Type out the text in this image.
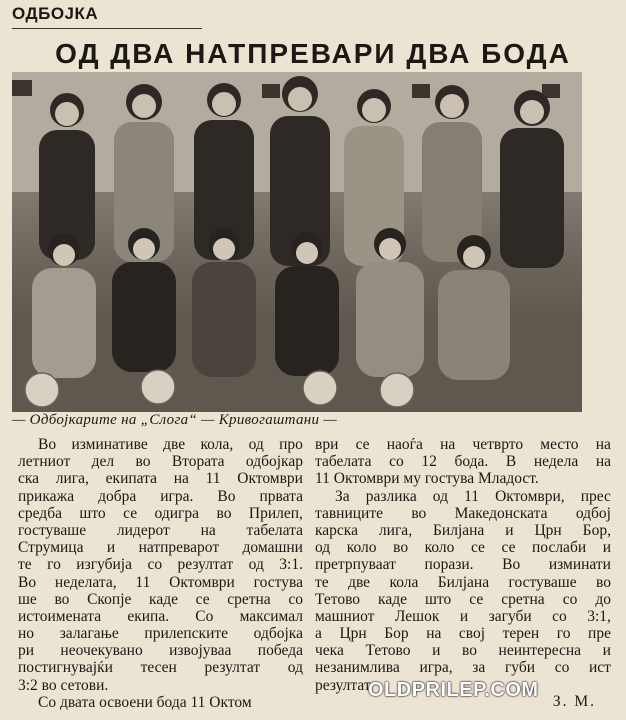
ОДБОЈКА
ОД ДВА НАТПРЕВАРИ ДВА БОДА
— Одбојкарите на „Слога“ — Кривогаштани —
Во изминативе две кола, од про
летниот дел во Втората одбојкар
ска лига, екипата на 11 Октомври
прикажа добра игра. Во првата
средба што се одигра во Прилеп,
гостуваше лидерот на табелата
Струмица и натпреварот домашни
те го изгубија со резултат од 3:1.
Во неделата, 11 Октомври гостува
ше во Скопје каде се сретна со
истоимената екипа. Со максимал
но залагање прилепските одбојка
ри неочекувано извојуваа победа
постигнувајќи тесен резултат од
3:2 во сетови.
Со двата освоени бода 11 Октом
ври се наоѓа на четврто место на
табелата со 12 бода. В недела на
11 Октомври му гостува Младост.
За разлика од 11 Октомври, прес
тавниците во Македонската одбој
карска лига, Билјана и Црн Бор,
од коло во коло се се послаби и
претрпуваат порази. Во изминати
те две кола Билјана гостуваше во
Тетово каде што се сретна со до
машниот Лешок и загуби со 3:1,
а Црн Бор на свој терен го пре
чека Тетово и во неинтересна и
незанимлива игра, за губи со ист
резултат.
З. М.
OLDPRILEP.COM
